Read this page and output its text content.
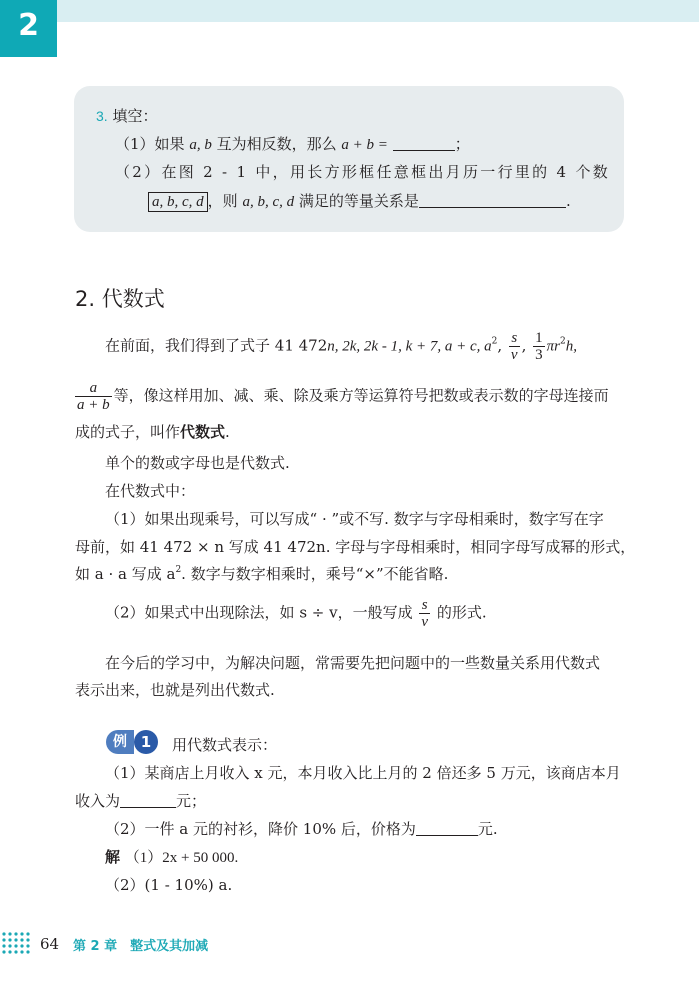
2
3. 填空：
（1）如果 a, b 互为相反数，那么 a + b =	；
（2）在图 2 - 1 中，用长方形框任意框出月历一行里的 4 个数
a, b, c, d ，则 a, b, c, d 满足的等量关系是	.
2. 代数式
在前面，我们得到了式子 41 472n, 2k, 2k - 1, k + 7, a + c, $a^2$, $\frac{s}{v}$ , $\frac{1}{3} \pi r^2h$,
$\frac{a}{a + b}$ 等，像这样用加、减、乘、除及乘方等运算符号把数或表示数的字母连接而
成的式子，叫作代数式.
单个的数或字母也是代数式.
在代数式中：
（1）如果出现乘号，可以写成“ · ”或不写. 数字与字母相乘时，数字写在字
母前，如 41 472 × n 写成 41 472n. 字母与字母相乘时，相同字母写成幂的形式，
如 a · a 写成 $a^2$. 数字与数字相乘时，乘号“×”不能省略.
（2）如果式中出现除法，如 s ÷ v，一般写成 $\frac{s}{v}$ 的形式.
在今后的学习中，为解决问题，常需要先把问题中的一些数量关系用代数式
表示出来，也就是列出代数式.
例 1	用代数式表示：
（1）某商店上月收入 x 元，本月收入比上月的 2 倍还多 5 万元，该商店本月
收入为	元；
（2）一件 a 元的衬衫，降价 10% 后，价格为	元.
解 （1）2x + 50 000.
（2）(1 - 10%) a.
64 第 2 章　整式及其加减
